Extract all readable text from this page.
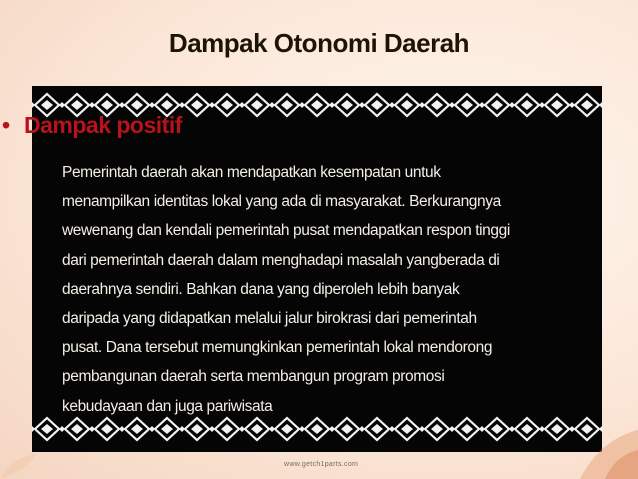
Dampak Otonomi Daerah
• Dampak positif

Pemerintah daerah akan mendapatkan kesempatan untuk

menampilkan identitas lokal yang ada di masyarakat. Berkurangnya

wewenang dan kendali pemerintah pusat mendapatkan respon tinggi

dari pemerintah daerah dalam menghadapi masalah yangberada di

daerahnya sendiri. Bahkan dana yang diperoleh lebih banyak

daripada yang didapatkan melalui jalur birokrasi dari pemerintah

pusat. Dana tersebut memungkinkan pemerintah lokal mendorong

pembangunan daerah serta membangun program promosi

kebudayaan dan juga pariwisata

www.getch1parts.com
